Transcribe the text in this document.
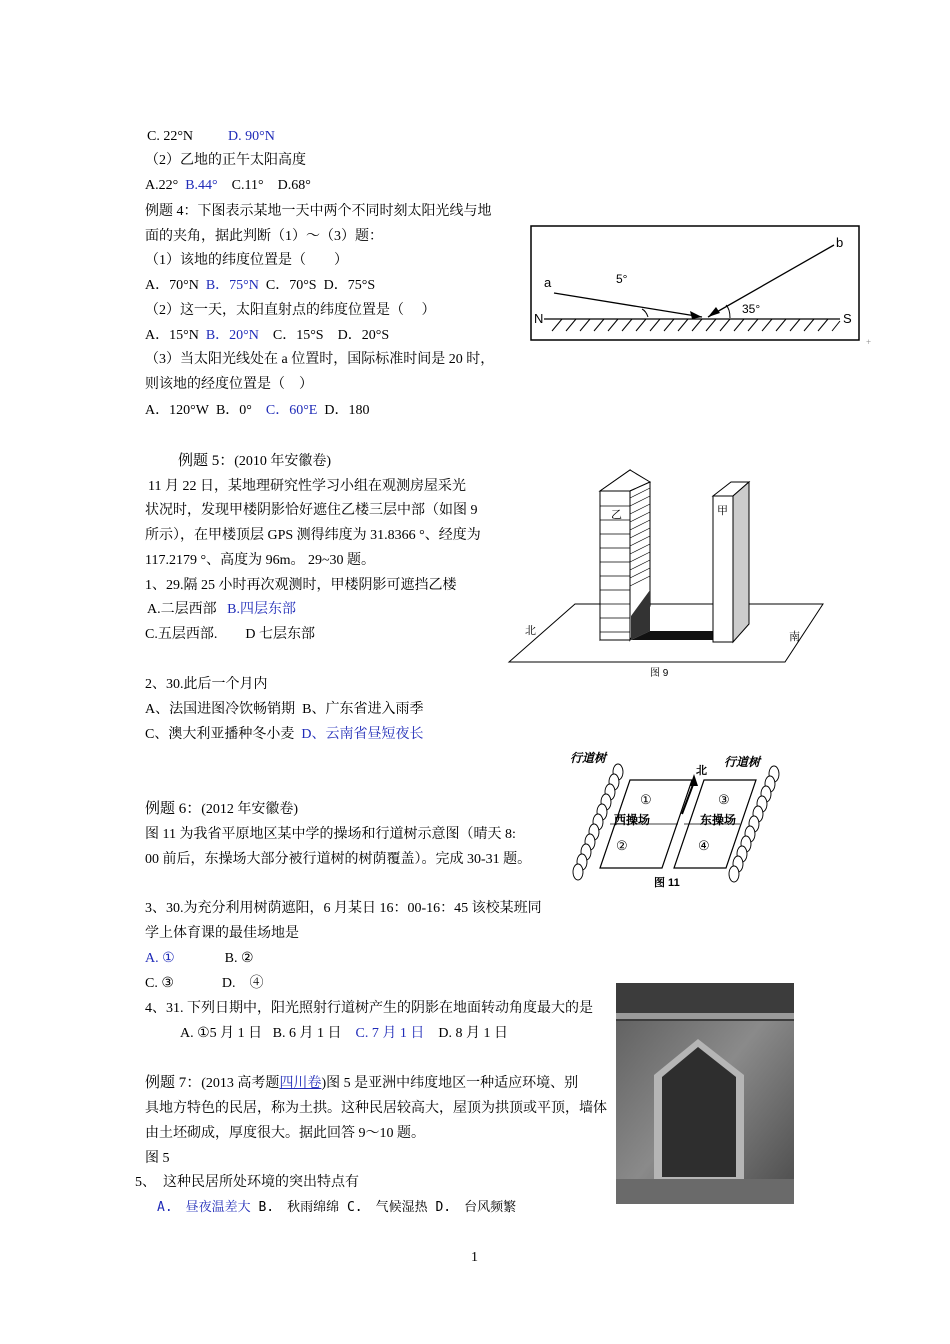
C. 22°N D. 90°N
（2）乙地的正午太阳高度
A.22° B.44° C.11° D.68°
例题 4：下图表示某地一天中两个不同时刻太阳光线与地
面的夹角，据此判断（1）～（3）题：
（1）该地的纬度位置是（　　）
A．70°N B．75°N C．70°S D．75°S
（2）这一天，太阳直射点的纬度位置是（　 ）
A．15°N B．20°N C．15°S D．20°S
（3）当太阳光线处在 a 位置时，国际标准时间是 20 时，
则该地的经度位置是（　）
A．120°W B．0° C．60°E D．180
a
b
N	S
5°
35°
+
例题 5：(2010 年安徽卷)
11 月 22 日，某地理研究性学习小组在观测房屋采光
状况时，发现甲楼阴影恰好遮住乙楼三层中部（如图 9
所示），在甲楼顶层 GPS 测得纬度为 31.8366 °、经度为
117.2179 °、高度为 96m。 29~30 题。
1、29.隔 25 小时再次观测时，甲楼阴影可遮挡乙楼
A.二层西部 B.四层东部
C.五层西部. D 七层东部
乙	甲
北	南
图 9
2、30.此后一个月内
A、法国进图冷饮畅销期 B、广东省进入雨季
C、澳大利亚播种冬小麦 D、云南省昼短夜长
行道树	行道树
北
①
西操场
②
③
东操场
④
图 11
例题 6：(2012 年安徽卷)
图 11 为我省平原地区某中学的操场和行道树示意图（晴天 8:
00 前后，东操场大部分被行道树的树荫覆盖）。完成 30-31 题。
3、30.为充分利用树荫遮阳，6 月某日 16：00-16：45 该校某班同
学上体育课的最佳场地是
A. ①	B. ②
C. ③	D.　④
4、31. 下列日期中，阳光照射行道树产生的阴影在地面转动角度最大的是
A. ①5 月 1 日 B. 6 月 1 日 C. 7 月 1 日 D. 8 月 1 日
例题 7：(2013 高考题四川卷)图 5 是亚洲中纬度地区一种适应环境、别
具地方特色的民居，称为土拱。这种民居较高大，屋顶为拱顶或平顶，墙体
由土坯砌成，厚度很大。据此回答 9～10 题。
图 5
5、　这种民居所处环境的突出特点有
A.　昼夜温差大 B.　秋雨绵绵 C.　气候湿热 D.　台风频繁
1
